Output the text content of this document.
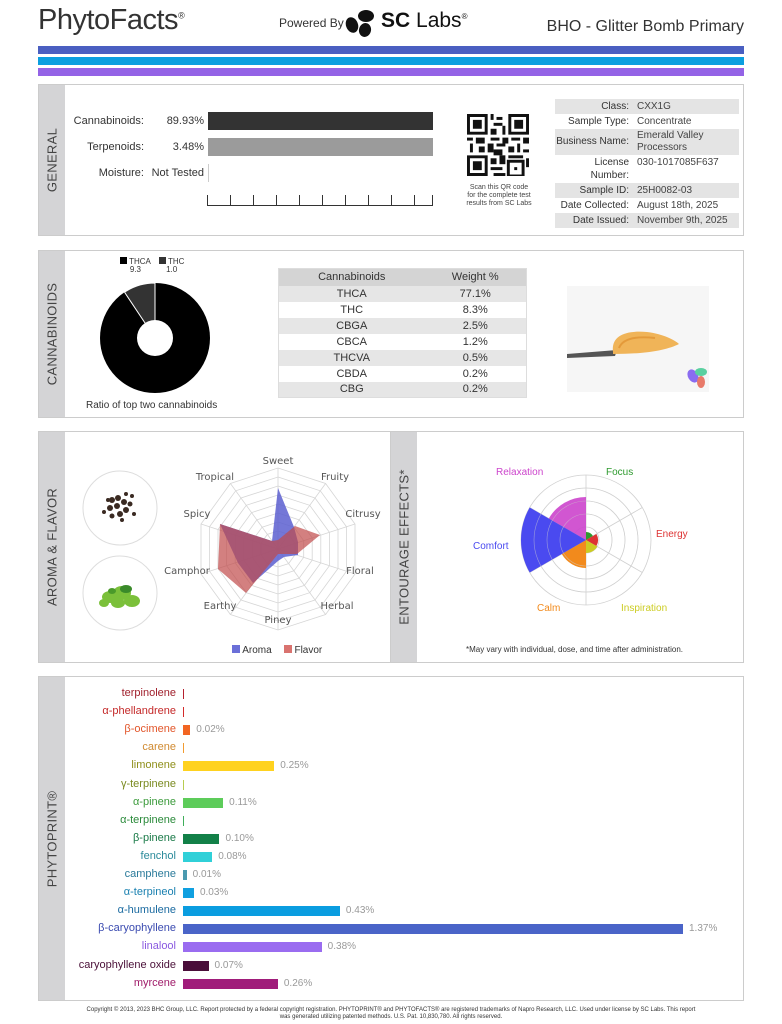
PhytoFacts®
Powered By SC Labs®
BHO - Glitter Bomb Primary
GENERAL
Cannabinoids:	89.93%
Terpenoids:	3.48%
Moisture: Not Tested
Scan this QR code
for the complete test
results from SC Labs
Class: CXX1G
Sample Type: Concentrate
Business Name:
Emerald Valley Processors
License Number:
030-1017085F637
Sample ID: 25H0082-03
Date Collected: August 18th, 2025
Date Issued: November 9th, 2025
CANNABINOIDS
THCA
9.3
THC
1.0
Ratio of top two cannabinoids
Cannabinoids	Weight %
THCA	77.1%
THC	8.3%
CBGA	2.5%
CBCA	1.2%
THCVA	0.5%
CBDA	0.2%
CBG	0.2%
AROMA & FLAVOR
Sweet
Fruity
Citrusy
Floral
Herbal
Piney
Earthy
Camphor
Spicy
Tropical
Aroma	Flavor
ENTOURAGE EFFECTS*	Relaxation	Focus
Energy
Inspiration
Calm
Comfort
*May vary with individual, dose, and time after administration.
PHYTOPRINT®
terpinolene
α-phellandrene
β-ocimene 0.02%
carene
limonene	0.25%
γ-terpinene
α-pinene	0.11%
α-terpinene
β-pinene	0.10%
fenchol	0.08%
camphene 0.01%
α-terpineol 0.03%
α-humulene	0.43%
β-caryophyllene	1.37%
linalool	0.38%
caryophyllene oxide	0.07%
myrcene	0.26%
Copyright © 2013, 2023 BHC Group, LLC. Report protected by a federal copyright registration. PHYTOPRINT® and PHYTOFACTS® are registered trademarks of Napro Research, LLC. Used under license by SC Labs. This report
was generated utilizing patented methods. U.S. Pat. 10,830,780. All rights reserved.
